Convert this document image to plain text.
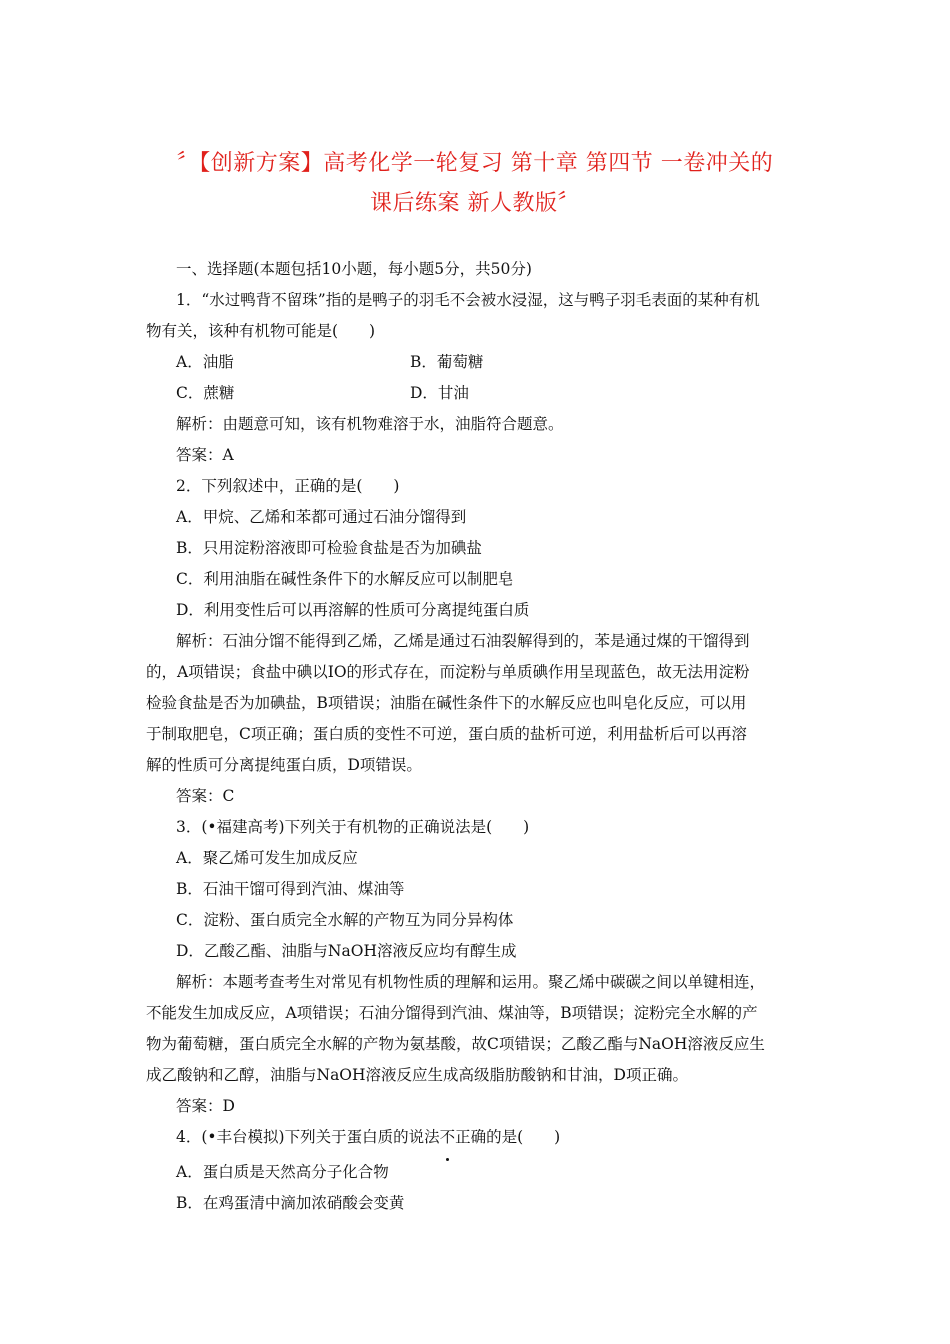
〞【创新方案】高考化学一轮复习 第十章 第四节 一卷冲关的
课后练案 新人教版〞
一、选择题(本题包括10小题，每小题5分，共50分)
1．“水过鸭背不留珠”指的是鸭子的羽毛不会被水浸湿，这与鸭子羽毛表面的某种有机
物有关，该种有机物可能是(　　)
A．油脂	B．葡萄糖
C．蔗糖	D．甘油
解析：由题意可知，该有机物难溶于水，油脂符合题意。
答案：A
2．下列叙述中，正确的是(　　)
A．甲烷、乙烯和苯都可通过石油分馏得到
B．只用淀粉溶液即可检验食盐是否为加碘盐
C．利用油脂在碱性条件下的水解反应可以制肥皂
D．利用变性后可以再溶解的性质可分离提纯蛋白质
解析：石油分馏不能得到乙烯，乙烯是通过石油裂解得到的，苯是通过煤的干馏得到
的，A项错误；食盐中碘以IO的形式存在，而淀粉与单质碘作用呈现蓝色，故无法用淀粉
检验食盐是否为加碘盐，B项错误；油脂在碱性条件下的水解反应也叫皂化反应，可以用
于制取肥皂，C项正确；蛋白质的变性不可逆，蛋白质的盐析可逆，利用盐析后可以再溶
解的性质可分离提纯蛋白质，D项错误。
答案：C
3．(•福建高考)下列关于有机物的正确说法是(　　)
A．聚乙烯可发生加成反应
B．石油干馏可得到汽油、煤油等
C．淀粉、蛋白质完全水解的产物互为同分异构体
D．乙酸乙酯、油脂与NaOH溶液反应均有醇生成
解析：本题考查考生对常见有机物性质的理解和运用。聚乙烯中碳碳之间以单键相连，
不能发生加成反应，A项错误；石油分馏得到汽油、煤油等，B项错误；淀粉完全水解的产
物为葡萄糖，蛋白质完全水解的产物为氨基酸，故C项错误；乙酸乙酯与NaOH溶液反应生
成乙酸钠和乙醇，油脂与NaOH溶液反应生成高级脂肪酸钠和甘油，D项正确。
答案：D
4．(•丰台模拟)下列关于蛋白质的说法不正确的是(　　)
A．蛋白质是天然高分子化合物
B．在鸡蛋清中滴加浓硝酸会变黄
